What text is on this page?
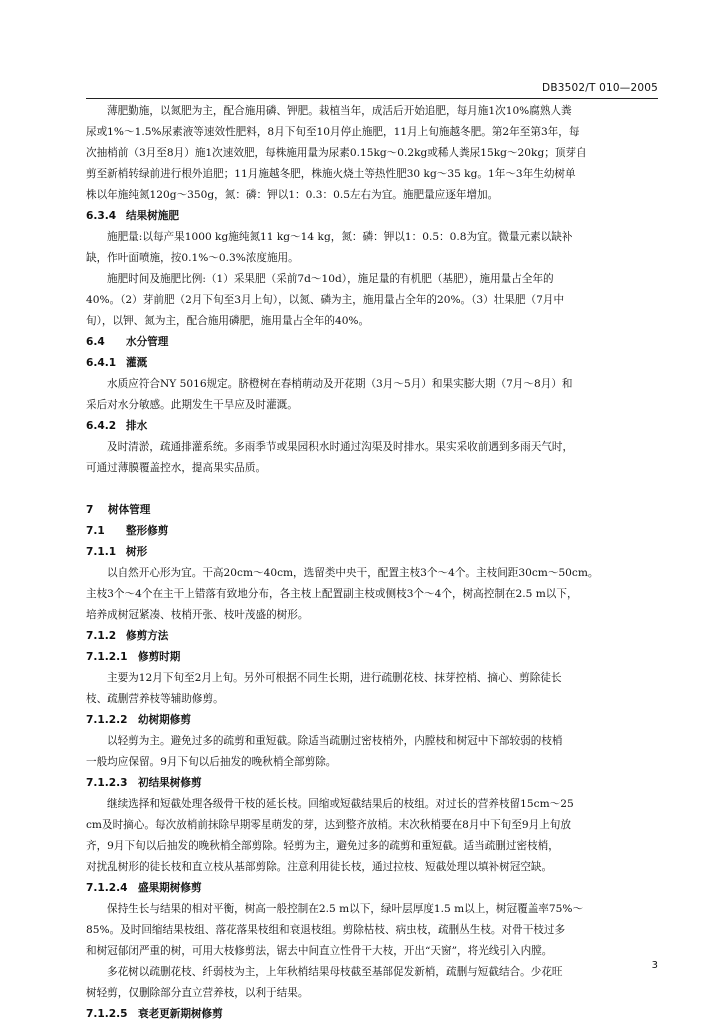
DB3502/T 010—2005
薄肥勤施，以氮肥为主，配合施用磷、钾肥。栽植当年，成活后开始追肥，每月施1次10%腐熟人粪
尿或1%～1.5%尿素液等速效性肥料，8月下旬至10月停止施肥，11月上旬施越冬肥。第2年至第3年，每
次抽梢前（3月至8月）施1次速效肥，每株施用量为尿素0.15kg～0.2kg或稀人粪尿15kg～20kg；顶芽自
剪至新梢转绿前进行根外追肥；11月施越冬肥，株施火烧土等热性肥30 kg～35 kg。1年～3年生幼树单
株以年施纯氮120g～350g，氮：磷：钾以1：0.3：0.5左右为宜。施肥量应逐年增加。
6.3.4 结果树施肥
施肥量:以每产果1000 kg施纯氮11 kg～14 kg，氮：磷：钾以1：0.5：0.8为宜。微量元素以缺补
缺，作叶面喷施，按0.1%～0.3%浓度施用。
施肥时间及施肥比例:（1）采果肥（采前7d～10d），施足量的有机肥（基肥），施用量占全年的
40%。（2）芽前肥（2月下旬至3月上旬），以氮、磷为主，施用量占全年的20%。（3）壮果肥（7月中
旬），以钾、氮为主，配合施用磷肥，施用量占全年的40%。
6.4 水分管理
6.4.1 灌溉
水质应符合NY 5016规定。脐橙树在春梢萌动及开花期（3月～5月）和果实膨大期（7月～8月）和
采后对水分敏感。此期发生干旱应及时灌溉。
6.4.2 排水
及时清淤，疏通排灌系统。多雨季节或果园积水时通过沟渠及时排水。果实采收前遇到多雨天气时，
可通过薄膜覆盖控水，提高果实品质。
7 树体管理
7.1 整形修剪
7.1.1 树形
以自然开心形为宜。干高20cm～40cm，选留类中央干，配置主枝3个～4个。主枝间距30cm～50cm。
主枝3个～4个在主干上错落有致地分布，各主枝上配置副主枝或侧枝3个～4个，树高控制在2.5 m以下，
培养成树冠紧凑、枝梢开张、枝叶茂盛的树形。
7.1.2 修剪方法
7.1.2.1 修剪时期
主要为12月下旬至2月上旬。另外可根据不同生长期，进行疏删花枝、抹芽控梢、摘心、剪除徒长
枝、疏删营养枝等辅助修剪。
7.1.2.2 幼树期修剪
以轻剪为主。避免过多的疏剪和重短截。除适当疏删过密枝梢外，内膛枝和树冠中下部较弱的枝梢
一般均应保留。9月下旬以后抽发的晚秋梢全部剪除。
7.1.2.3 初结果树修剪
继续选择和短截处理各级骨干枝的延长枝。回缩或短截结果后的枝组。对过长的营养枝留15cm～25
cm及时摘心。每次放梢前抹除早期零星萌发的芽，达到整齐放梢。末次秋梢要在8月中下旬至9月上旬放
齐，9月下旬以后抽发的晚秋梢全部剪除。轻剪为主，避免过多的疏剪和重短截。适当疏删过密枝梢，
对扰乱树形的徒长枝和直立枝从基部剪除。注意利用徒长枝，通过拉枝、短截处理以填补树冠空缺。
7.1.2.4 盛果期树修剪
保持生长与结果的相对平衡，树高一般控制在2.5 m以下，绿叶层厚度1.5 m以上，树冠覆盖率75%～
85%。及时回缩结果枝组、落花落果枝组和衰退枝组。剪除枯枝、病虫枝，疏删丛生枝。对骨干枝过多
和树冠郁闭严重的树，可用大枝修剪法，锯去中间直立性骨干大枝，开出“天窗”，将光线引入内膛。
多花树以疏删花枝、纤弱枝为主，上年秋梢结果母枝截至基部促发新梢，疏删与短截结合。少花旺
树轻剪，仅删除部分直立营养枝，以利于结果。
7.1.2.5 衰老更新期树修剪
3
